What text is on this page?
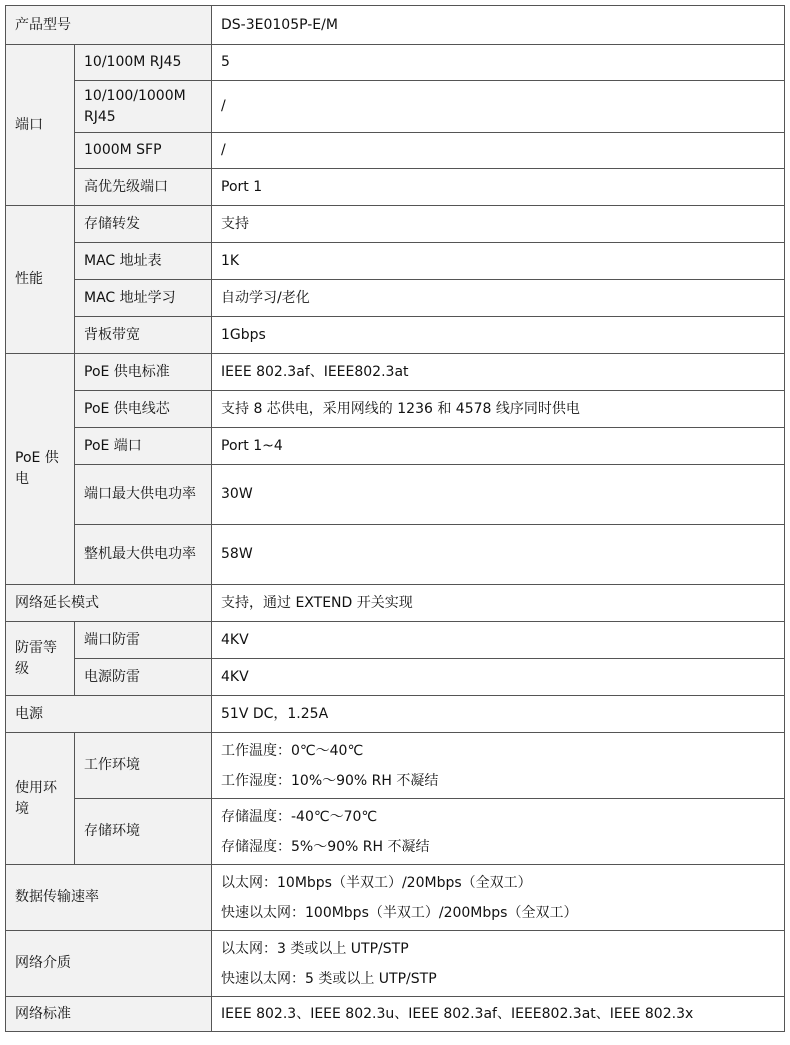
产品型号		DS-3E0105P-E/M
端口	10/100M RJ45	5
	10/100/1000M RJ45	/
	1000M SFP	/
	高优先级端口	Port 1
性能	存储转发	支持
	MAC 地址表	1K
	MAC 地址学习	自动学习/老化
	背板带宽	1Gbps
PoE 供电	PoE 供电标准	IEEE 802.3af、IEEE802.3at
	PoE 供电线芯	支持 8 芯供电，采用网线的 1236 和 4578 线序同时供电
	PoE 端口	Port 1~4
	端口最大供电功率	30W
	整机最大供电功率	58W
网络延长模式		支持，通过 EXTEND 开关实现
防雷等级	端口防雷	4KV
	电源防雷	4KV
电源		51V DC，1.25A
使用环境	工作环境	工作温度：0℃～40℃
工作湿度：10%～90% RH 不凝结

	存储环境	存储温度：-40℃～70℃
存储湿度：5%～90% RH 不凝结

数据传输速率		以太网：10Mbps（半双工）/20Mbps（全双工）
快速以太网：100Mbps（半双工）/200Mbps（全双工）

网络介质		以太网：3 类或以上 UTP/STP
快速以太网：5 类或以上 UTP/STP

网络标准		IEEE 802.3、IEEE 802.3u、IEEE 802.3af、IEEE802.3at、IEEE 802.3x
